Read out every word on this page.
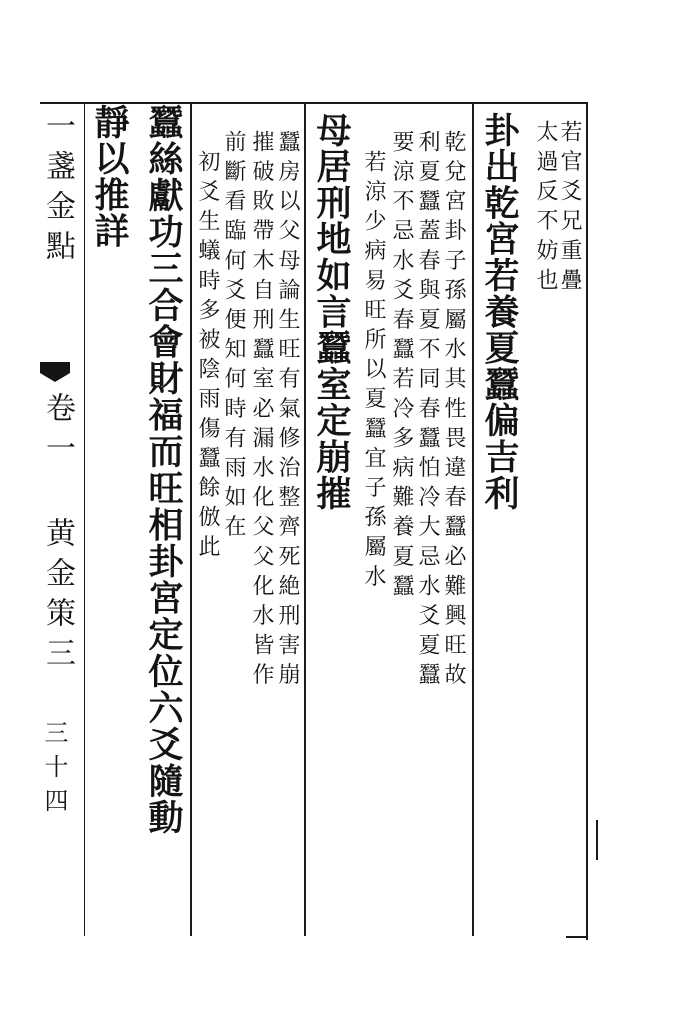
一盞金點
卷一 黄金策三
三十四
若官爻兄重疊
太過反不妨也
卦出乾宮若養夏蠶偏吉利
乾兌宮卦子孫屬水其性畏違春蠶必難興旺故
利夏蠶蓋春與夏不同春蠶怕冷大忌水爻夏蠶
要涼不忌水爻春蠶若冷多病難養夏蠶
若涼少病易旺所以夏蠶宜子孫屬水
母居刑地如言蠶室定崩摧
蠶房以父母論生旺有氣修治整齊死絶刑害崩
摧破敗帶木自刑蠶室必漏水化父父化水皆作
前斷看臨何爻便知何時有雨如在
初爻生蟻時多被陰雨傷蠶餘倣此
蠶絲獻功三合會財福而旺相卦宮定位六爻隨動
靜以推詳
